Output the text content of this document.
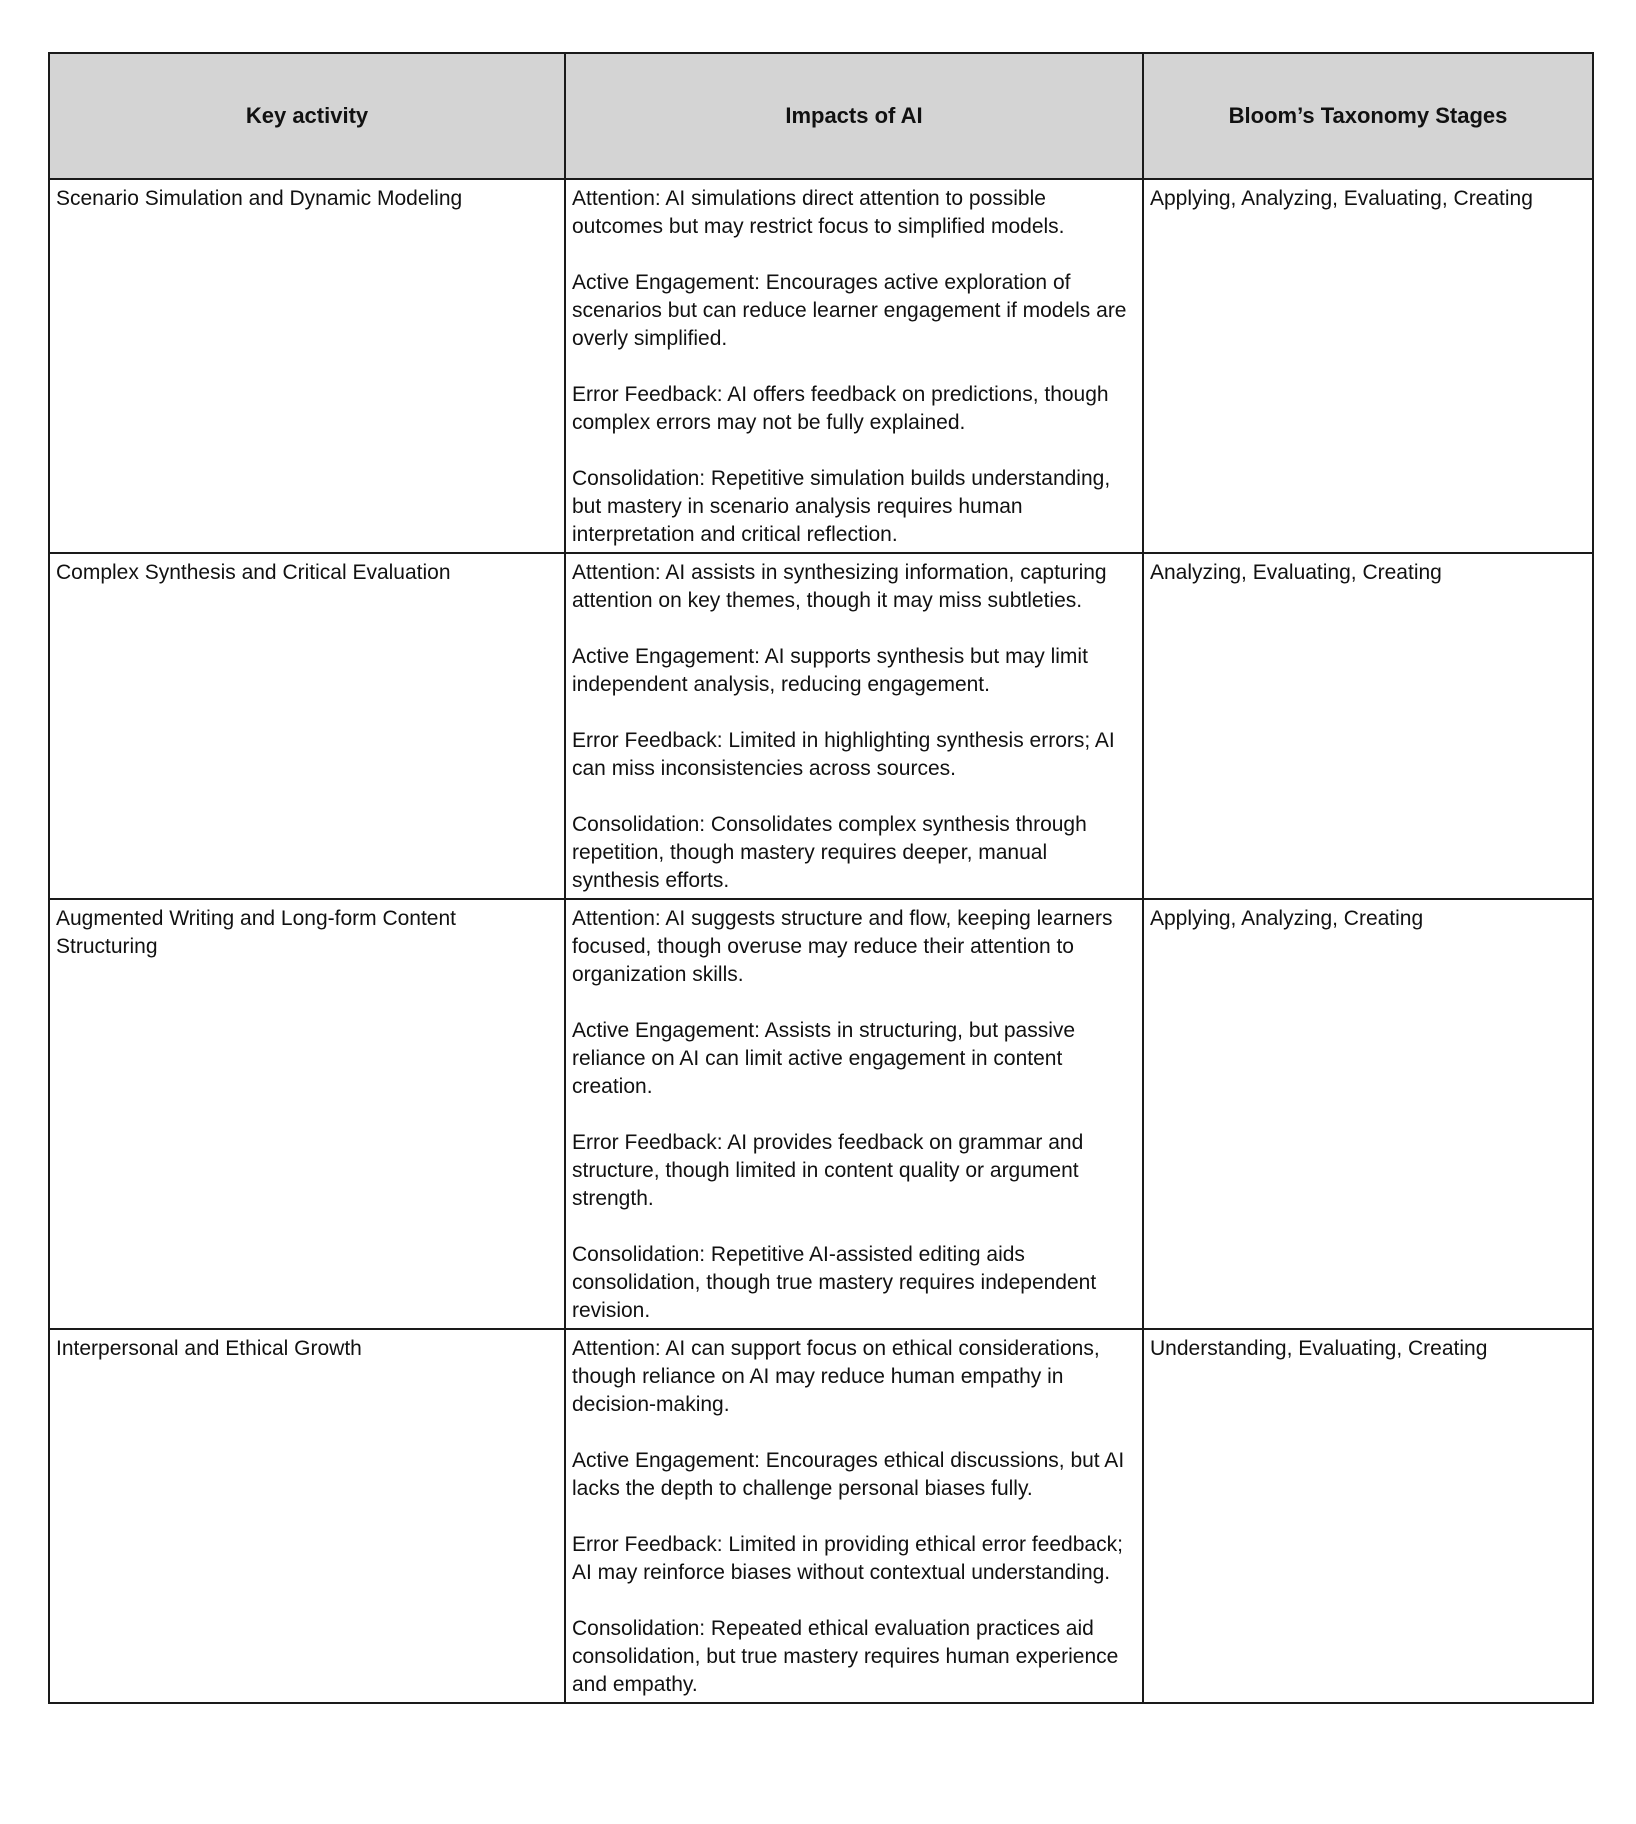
Key activity	Impacts of AI	Bloom’s Taxonomy Stages
Scenario Simulation and Dynamic Modeling	Attention: AI simulations direct attention to possible outcomes but may restrict focus to simplified models.

Active Engagement: Encourages active exploration of scenarios but can reduce learner engagement if models are overly simplified.

Error Feedback: AI offers feedback on predictions, though complex errors may not be fully explained.

Consolidation: Repetitive simulation builds understanding, but mastery in scenario analysis requires human interpretation and critical reflection.	Applying, Analyzing, Evaluating, Creating
Complex Synthesis and Critical Evaluation	Attention: AI assists in synthesizing information, capturing attention on key themes, though it may miss subtleties.

Active Engagement: AI supports synthesis but may limit independent analysis, reducing engagement.

Error Feedback: Limited in highlighting synthesis errors; AI can miss inconsistencies across sources.

Consolidation: Consolidates complex synthesis through repetition, though mastery requires deeper, manual synthesis efforts.	Analyzing, Evaluating, Creating
Augmented Writing and Long-form Content Structuring	Attention: AI suggests structure and flow, keeping learners focused, though overuse may reduce their attention to organization skills.

Active Engagement: Assists in structuring, but passive reliance on AI can limit active engagement in content creation.

Error Feedback: AI provides feedback on grammar and structure, though limited in content quality or argument strength.

Consolidation: Repetitive AI-assisted editing aids consolidation, though true mastery requires independent revision.	Applying, Analyzing, Creating
Interpersonal and Ethical Growth	Attention: AI can support focus on ethical considerations, though reliance on AI may reduce human empathy in decision-making.

Active Engagement: Encourages ethical discussions, but AI lacks the depth to challenge personal biases fully.

Error Feedback: Limited in providing ethical error feedback; AI may reinforce biases without contextual understanding.

Consolidation: Repeated ethical evaluation practices aid consolidation, but true mastery requires human experience and empathy.	Understanding, Evaluating, Creating
